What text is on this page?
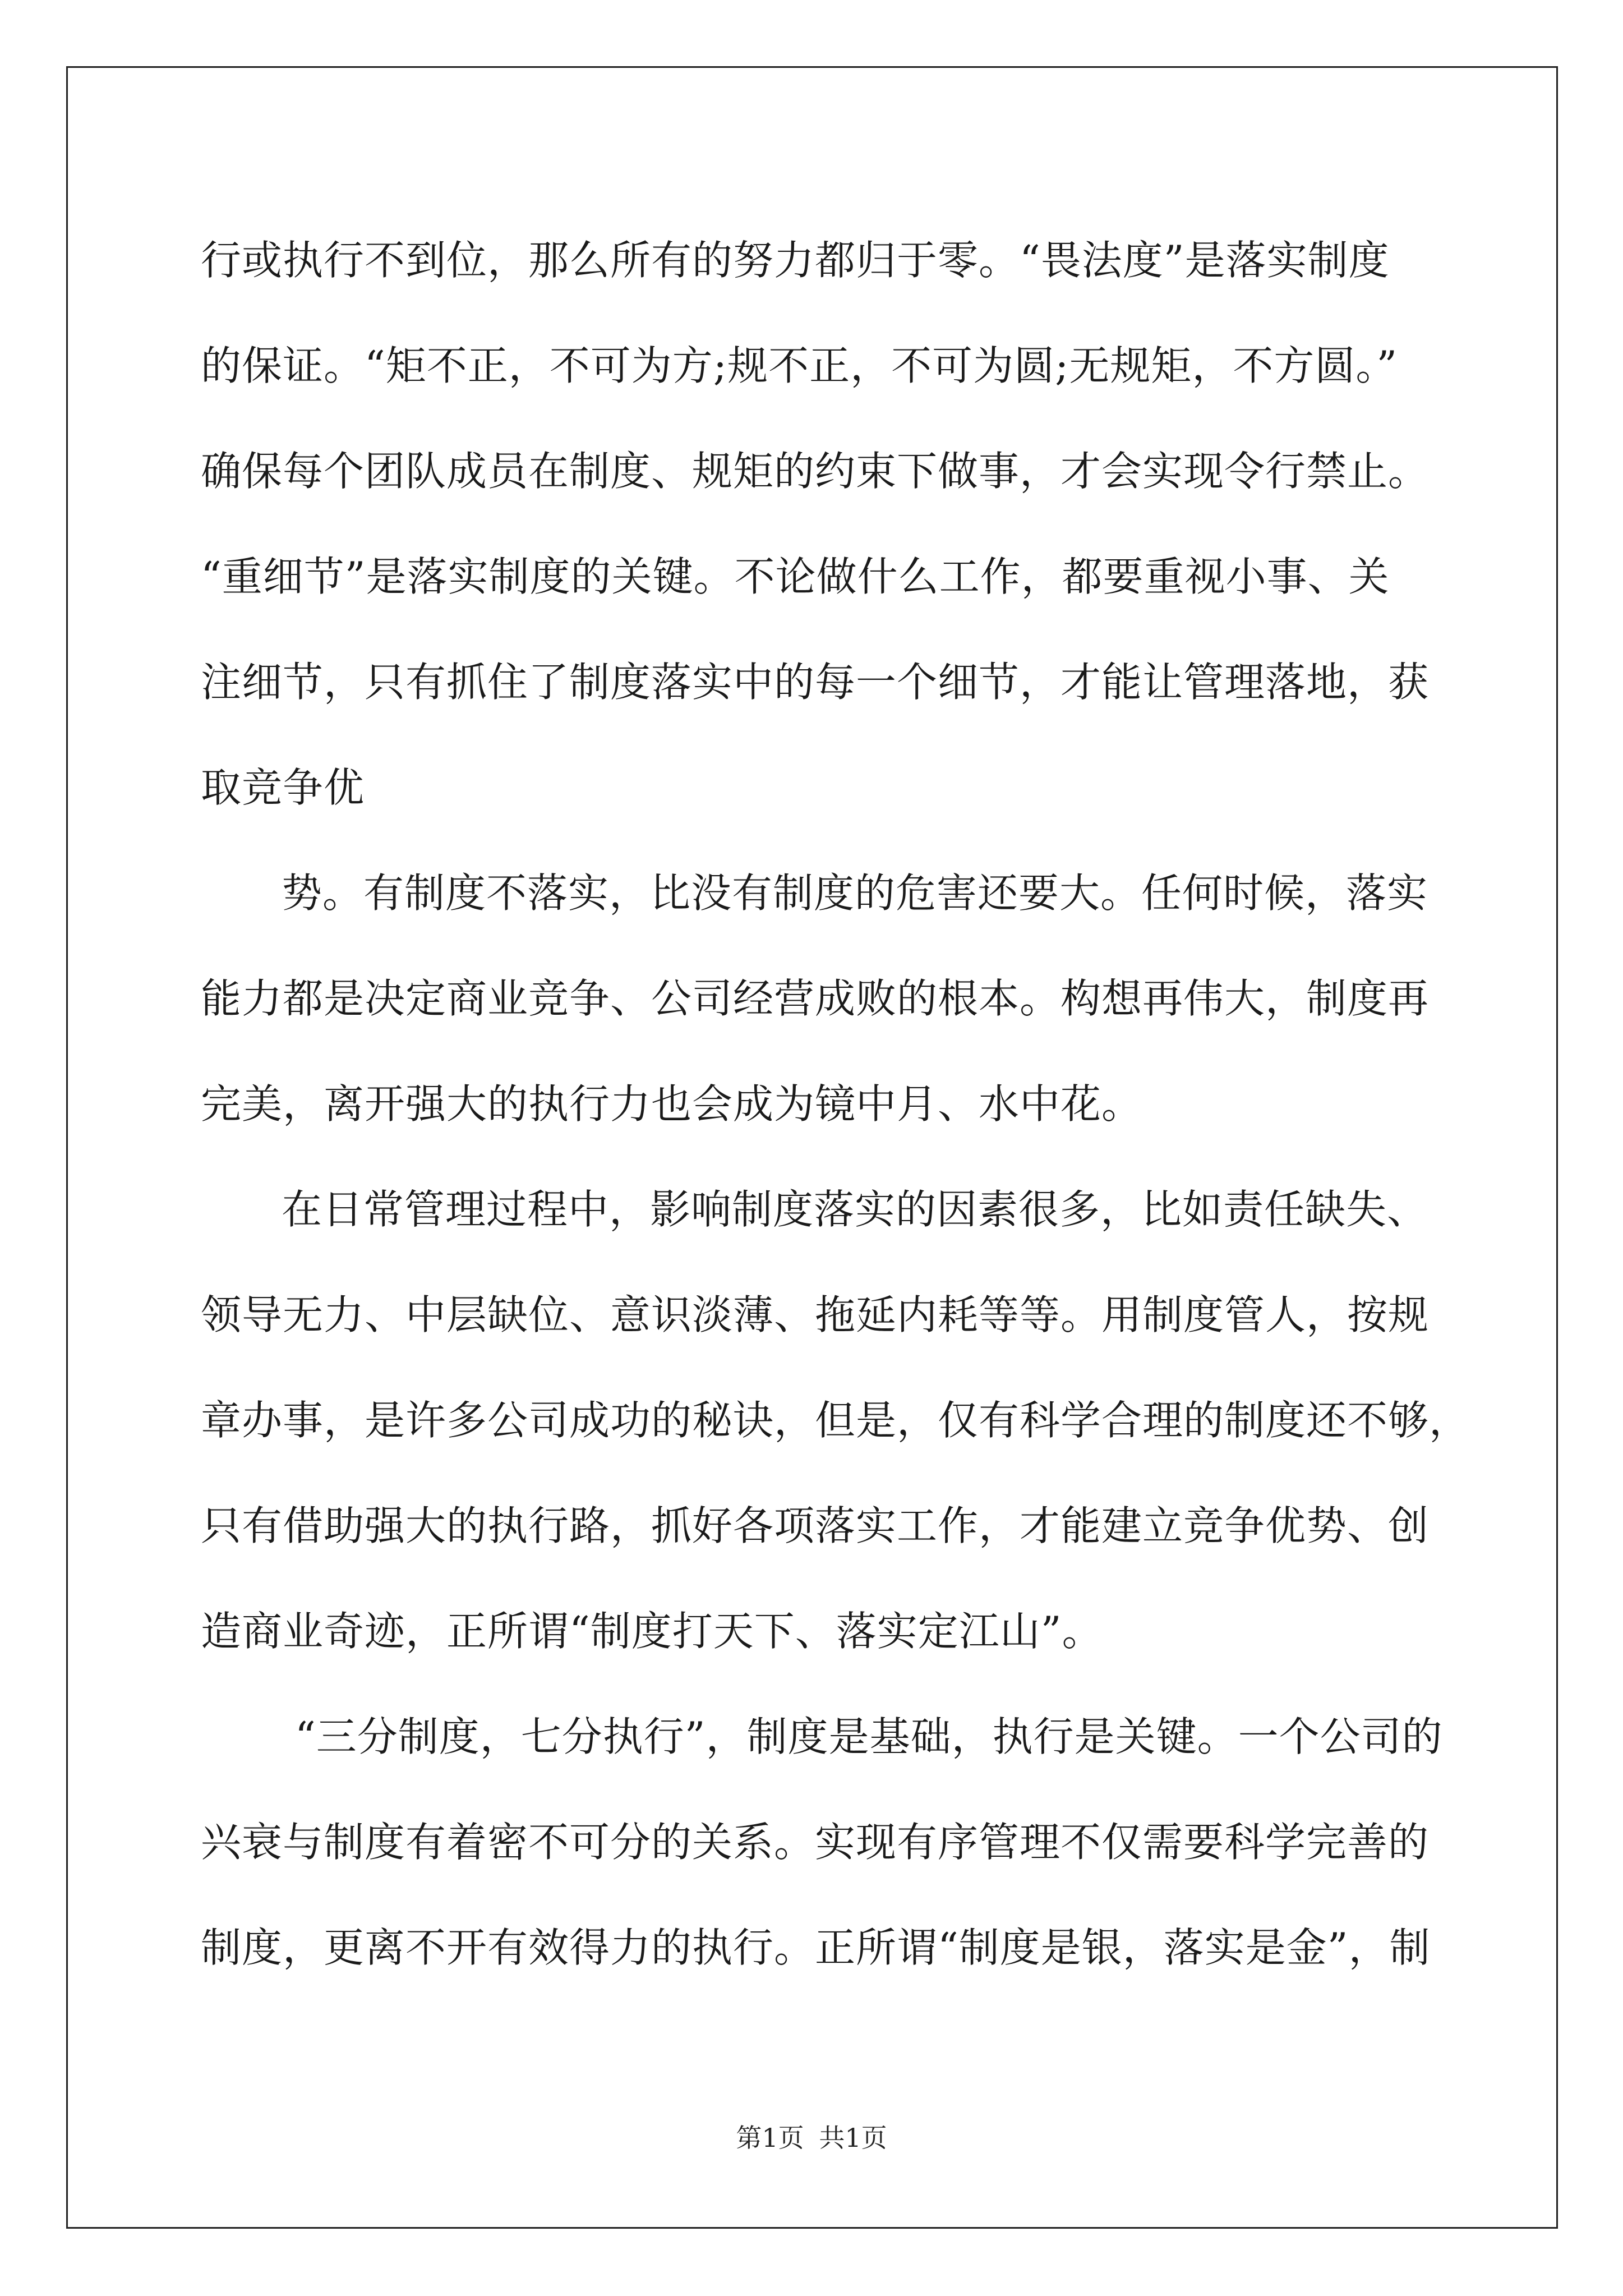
行或执行不到位，那么所有的努力都归于零。“畏法度”是落实制度
的保证。“矩不正，不可为方;规不正，不可为圆;无规矩，不方圆。”
确保每个团队成员在制度、规矩的约束下做事，才会实现令行禁止。
“重细节”是落实制度的关键。不论做什么工作，都要重视小事、关
注细节，只有抓住了制度落实中的每一个细节，才能让管理落地，获
取竞争优
势。有制度不落实，比没有制度的危害还要大。任何时候，落实
能力都是决定商业竞争、公司经营成败的根本。构想再伟大，制度再
完美，离开强大的执行力也会成为镜中月、水中花。
在日常管理过程中，影响制度落实的因素很多，比如责任缺失、
领导无力、中层缺位、意识淡薄、拖延内耗等等。用制度管人，按规
章办事，是许多公司成功的秘诀，但是，仅有科学合理的制度还不够，
只有借助强大的执行路，抓好各项落实工作，才能建立竞争优势、创
造商业奇迹，正所谓“制度打天下、落实定江山”。
“三分制度，七分执行”，制度是基础，执行是关键。一个公司的
兴衰与制度有着密不可分的关系。实现有序管理不仅需要科学完善的
制度，更离不开有效得力的执行。正所谓“制度是银，落实是金”，制
第1页 共1页
